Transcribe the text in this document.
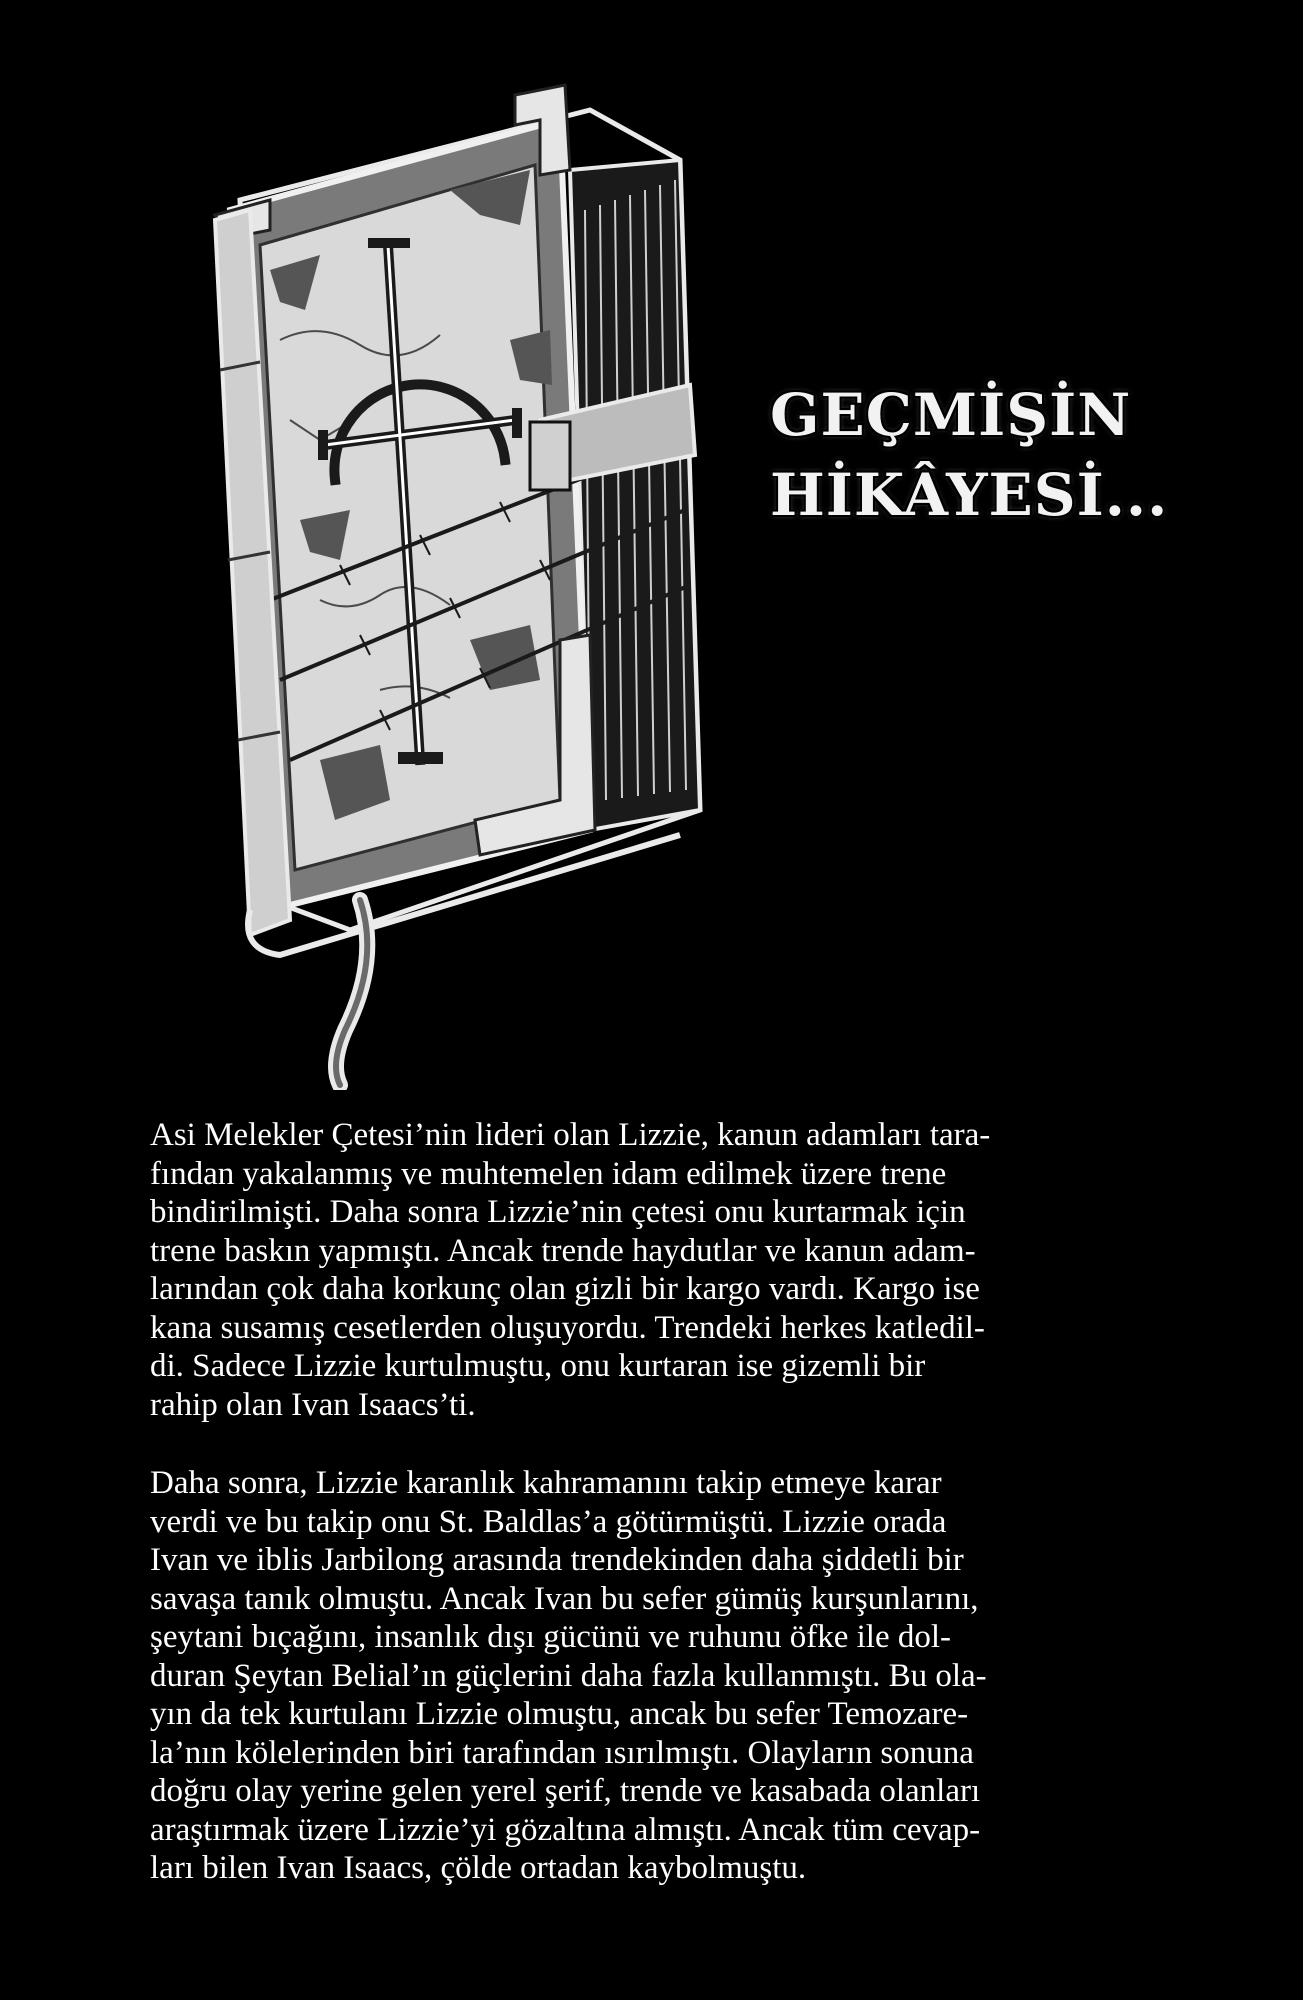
GEÇMİŞİN
HİKÂYESİ...

Asi Melekler Çetesi’nin lideri olan Lizzie, kanun adamları tara-
fından yakalanmış ve muhtemelen idam edilmek üzere trene
bindirilmişti. Daha sonra Lizzie’nin çetesi onu kurtarmak için
trene baskın yapmıştı. Ancak trende haydutlar ve kanun adam-
larından çok daha korkunç olan gizli bir kargo vardı. Kargo ise
kana susamış cesetlerden oluşuyordu. Trendeki herkes katledil-
di. Sadece Lizzie kurtulmuştu, onu kurtaran ise gizemli bir
rahip olan Ivan Isaacs’ti.

Daha sonra, Lizzie karanlık kahramanını takip etmeye karar
verdi ve bu takip onu St. Baldlas’a götürmüştü. Lizzie orada
Ivan ve iblis Jarbilong arasında trendekinden daha şiddetli bir
savaşa tanık olmuştu. Ancak Ivan bu sefer gümüş kurşunlarını,
şeytani bıçağını, insanlık dışı gücünü ve ruhunu öfke ile dol-
duran Şeytan Belial’ın güçlerini daha fazla kullanmıştı. Bu ola-
yın da tek kurtulanı Lizzie olmuştu, ancak bu sefer Temozare-
la’nın kölelerinden biri tarafından ısırılmıştı. Olayların sonuna
doğru olay yerine gelen yerel şerif, trende ve kasabada olanları
araştırmak üzere Lizzie’yi gözaltına almıştı. Ancak tüm cevap-
ları bilen Ivan Isaacs, çölde ortadan kaybolmuştu.
